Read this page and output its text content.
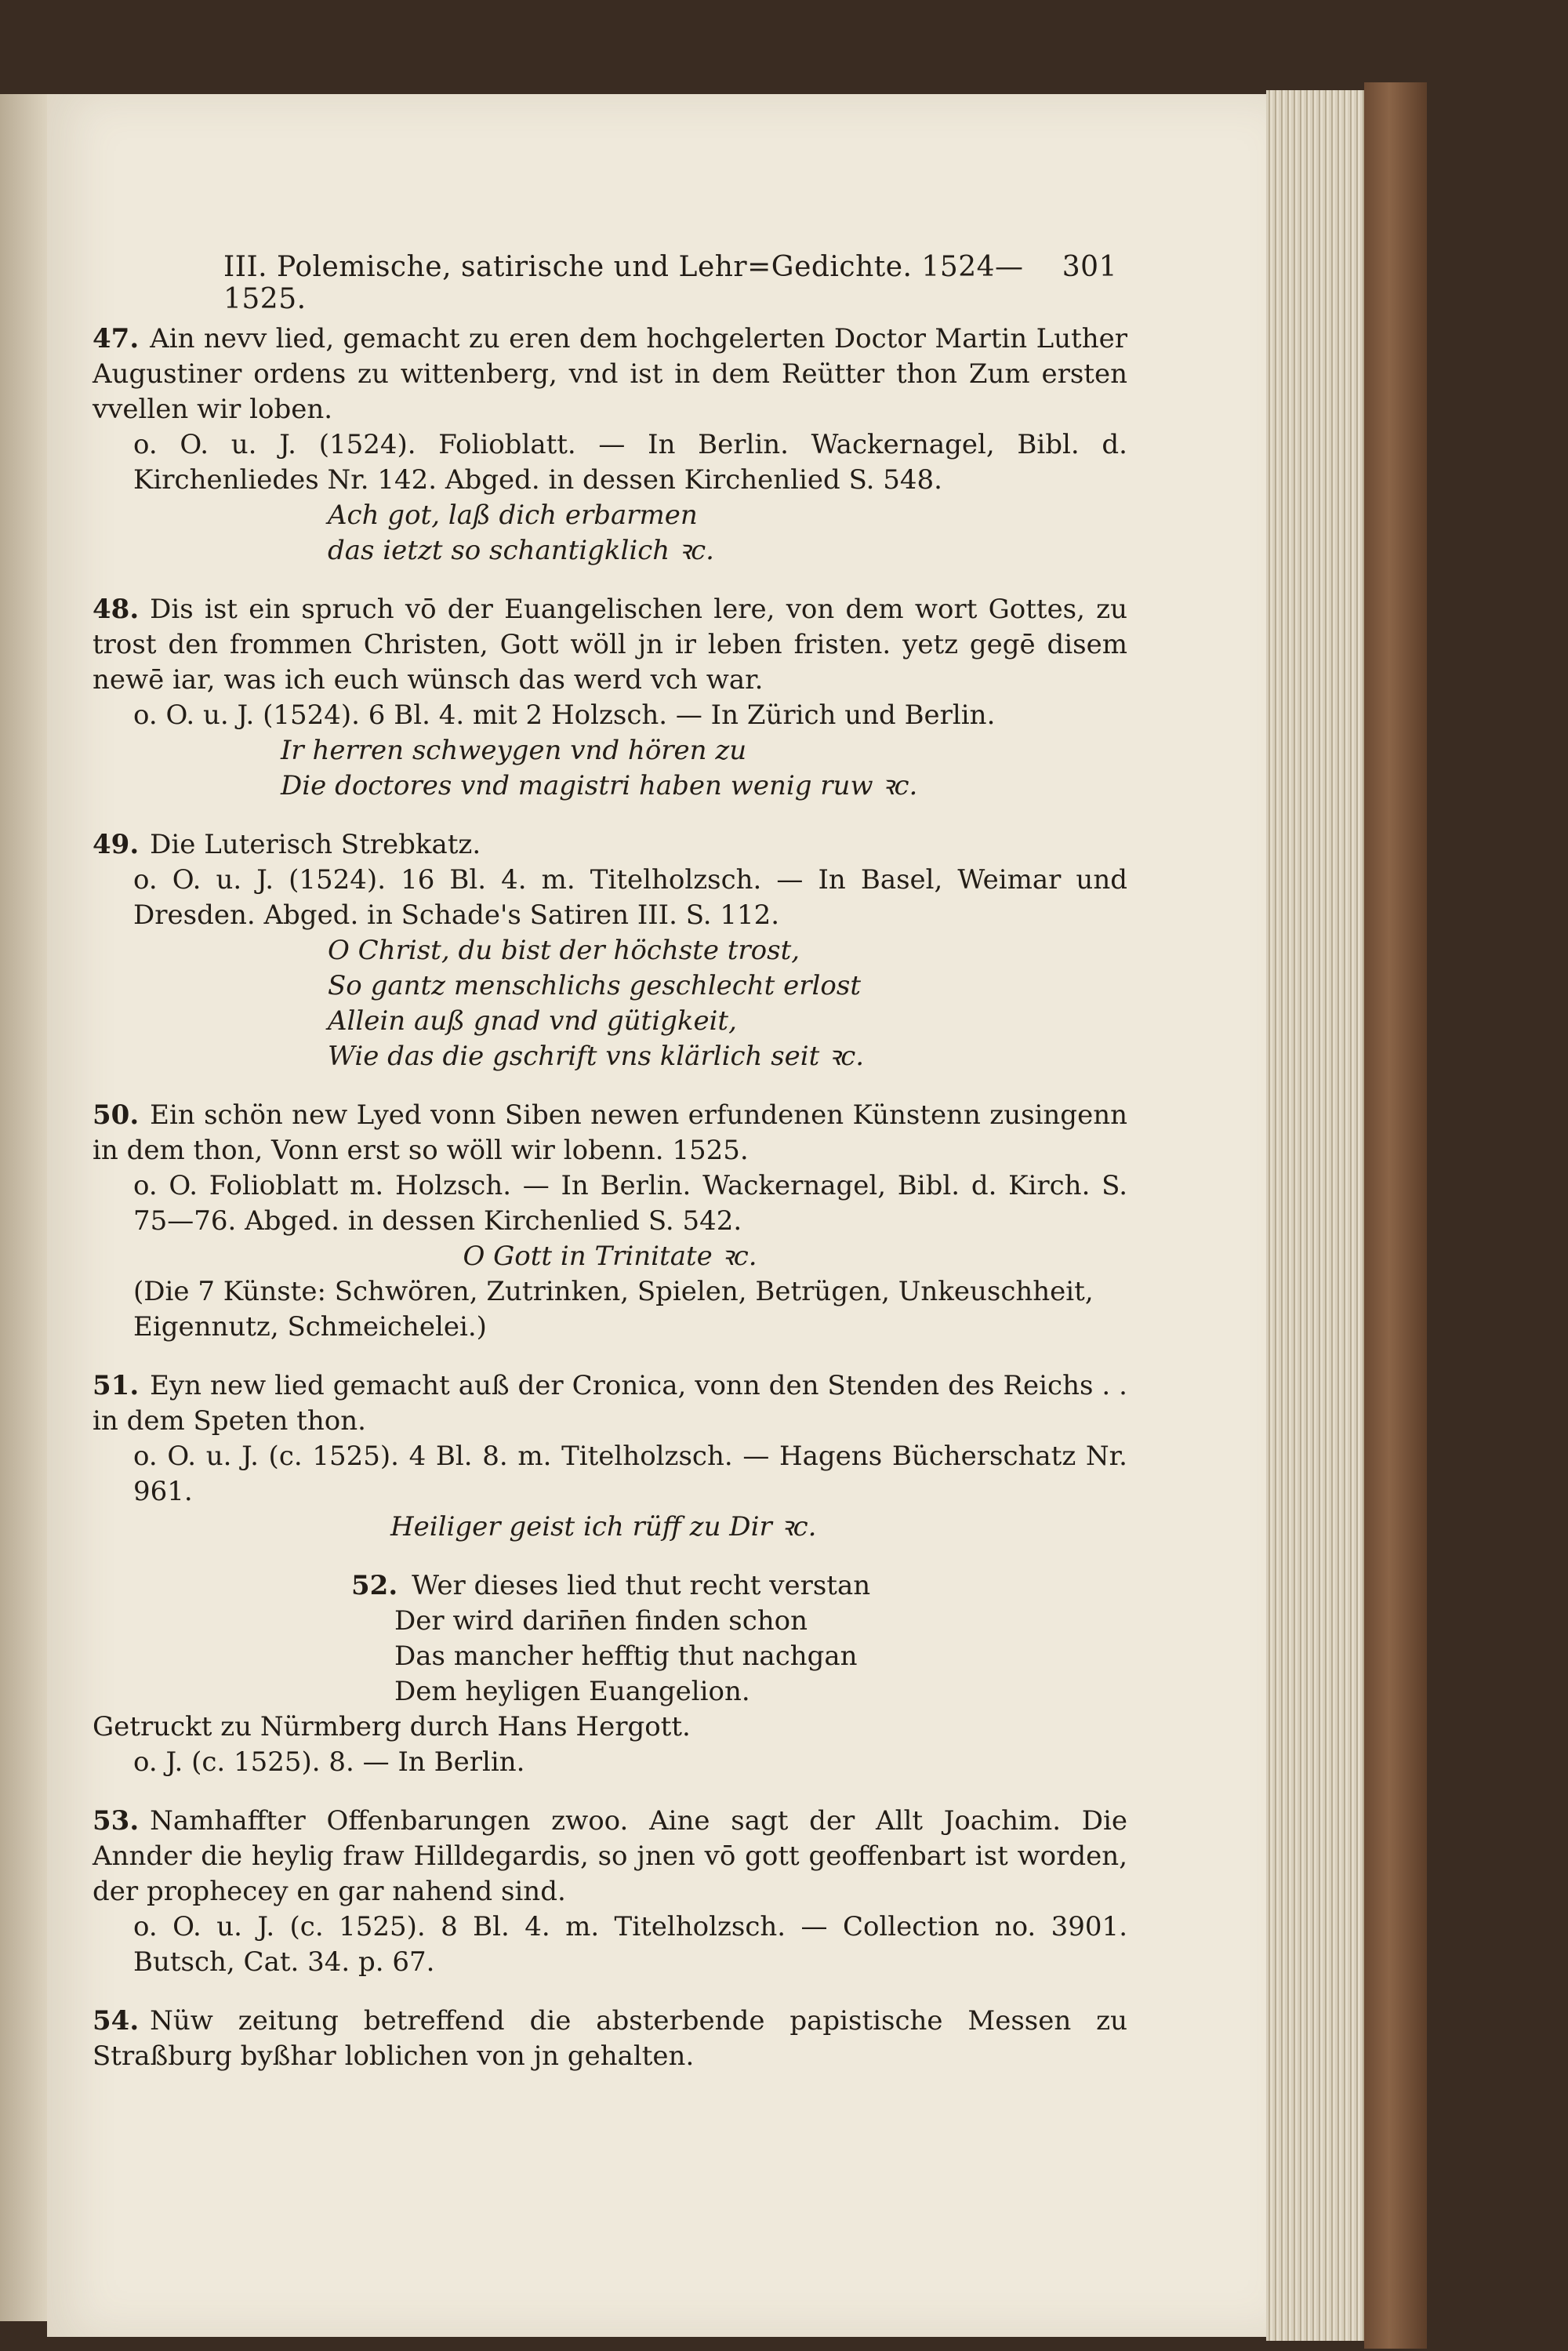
III. Polemische, satirische und Lehr=Gedichte. 1524—1525.
301
47. Ain nevv lied, gemacht zu eren dem hochgelerten Doctor Martin Luther Augustiner ordens zu wittenberg, vnd ist in dem Reütter thon Zum ersten vvellen wir loben.
o. O. u. J. (1524). Folioblatt. — In Berlin. Wackernagel, Bibl. d. Kirchenliedes Nr. 142. Abged. in dessen Kirchenlied S. 548.
Ach got, laß dich erbarmen
das ietzt so schantigklich ꝛc.
48. Dis ist ein spruch vō der Euangelischen lere, von dem wort Gottes, zu trost den frommen Christen, Gott wöll jn ir leben fristen. yetz gegē disem newē iar, was ich euch wünsch das werd vch war.
o. O. u. J. (1524). 6 Bl. 4. mit 2 Holzsch. — In Zürich und Berlin.
Ir herren schweygen vnd hören zu
Die doctores vnd magistri haben wenig ruw ꝛc.
49. Die Luterisch Strebkatz.
o. O. u. J. (1524). 16 Bl. 4. m. Titelholzsch. — In Basel, Weimar und Dresden. Abged. in Schade's Satiren III. S. 112.
O Christ, du bist der höchste trost,
So gantz menschlichs geschlecht erlost
Allein auß gnad vnd gütigkeit,
Wie das die gschrift vns klärlich seit ꝛc.
50. Ein schön new Lyed vonn Siben newen erfundenen Künstenn zusingenn in dem thon, Vonn erst so wöll wir lobenn. 1525.
o. O. Folioblatt m. Holzsch. — In Berlin. Wackernagel, Bibl. d. Kirch. S. 75—76. Abged. in dessen Kirchenlied S. 542.
O Gott in Trinitate ꝛc.
(Die 7 Künste: Schwören, Zutrinken, Spielen, Betrügen, Unkeuschheit, Eigennutz, Schmeichelei.)
51. Eyn new lied gemacht auß der Cronica, vonn den Stenden des Reichs . . in dem Speten thon.
o. O. u. J. (c. 1525). 4 Bl. 8. m. Titelholzsch. — Hagens Bücherschatz Nr. 961.
Heiliger geist ich rüff zu Dir ꝛc.
52. Wer dieses lied thut recht verstan
Der wird darin̄en finden schon
Das mancher hefftig thut nachgan
Dem heyligen Euangelion.
Getruckt zu Nürmberg durch Hans Hergott.
o. J. (c. 1525). 8. — In Berlin.
53. Namhaffter Offenbarungen zwoo. Aine sagt der Allt Joachim. Die Annder die heylig fraw Hilldegardis, so jnen vō gott geoffenbart ist worden, der prophecey en gar nahend sind.
o. O. u. J. (c. 1525). 8 Bl. 4. m. Titelholzsch. — Collection no. 3901. Butsch, Cat. 34. p. 67.
54. Nüw zeitung betreffend die absterbende papistische Messen zu Straßburg byßhar loblichen von jn gehalten.
